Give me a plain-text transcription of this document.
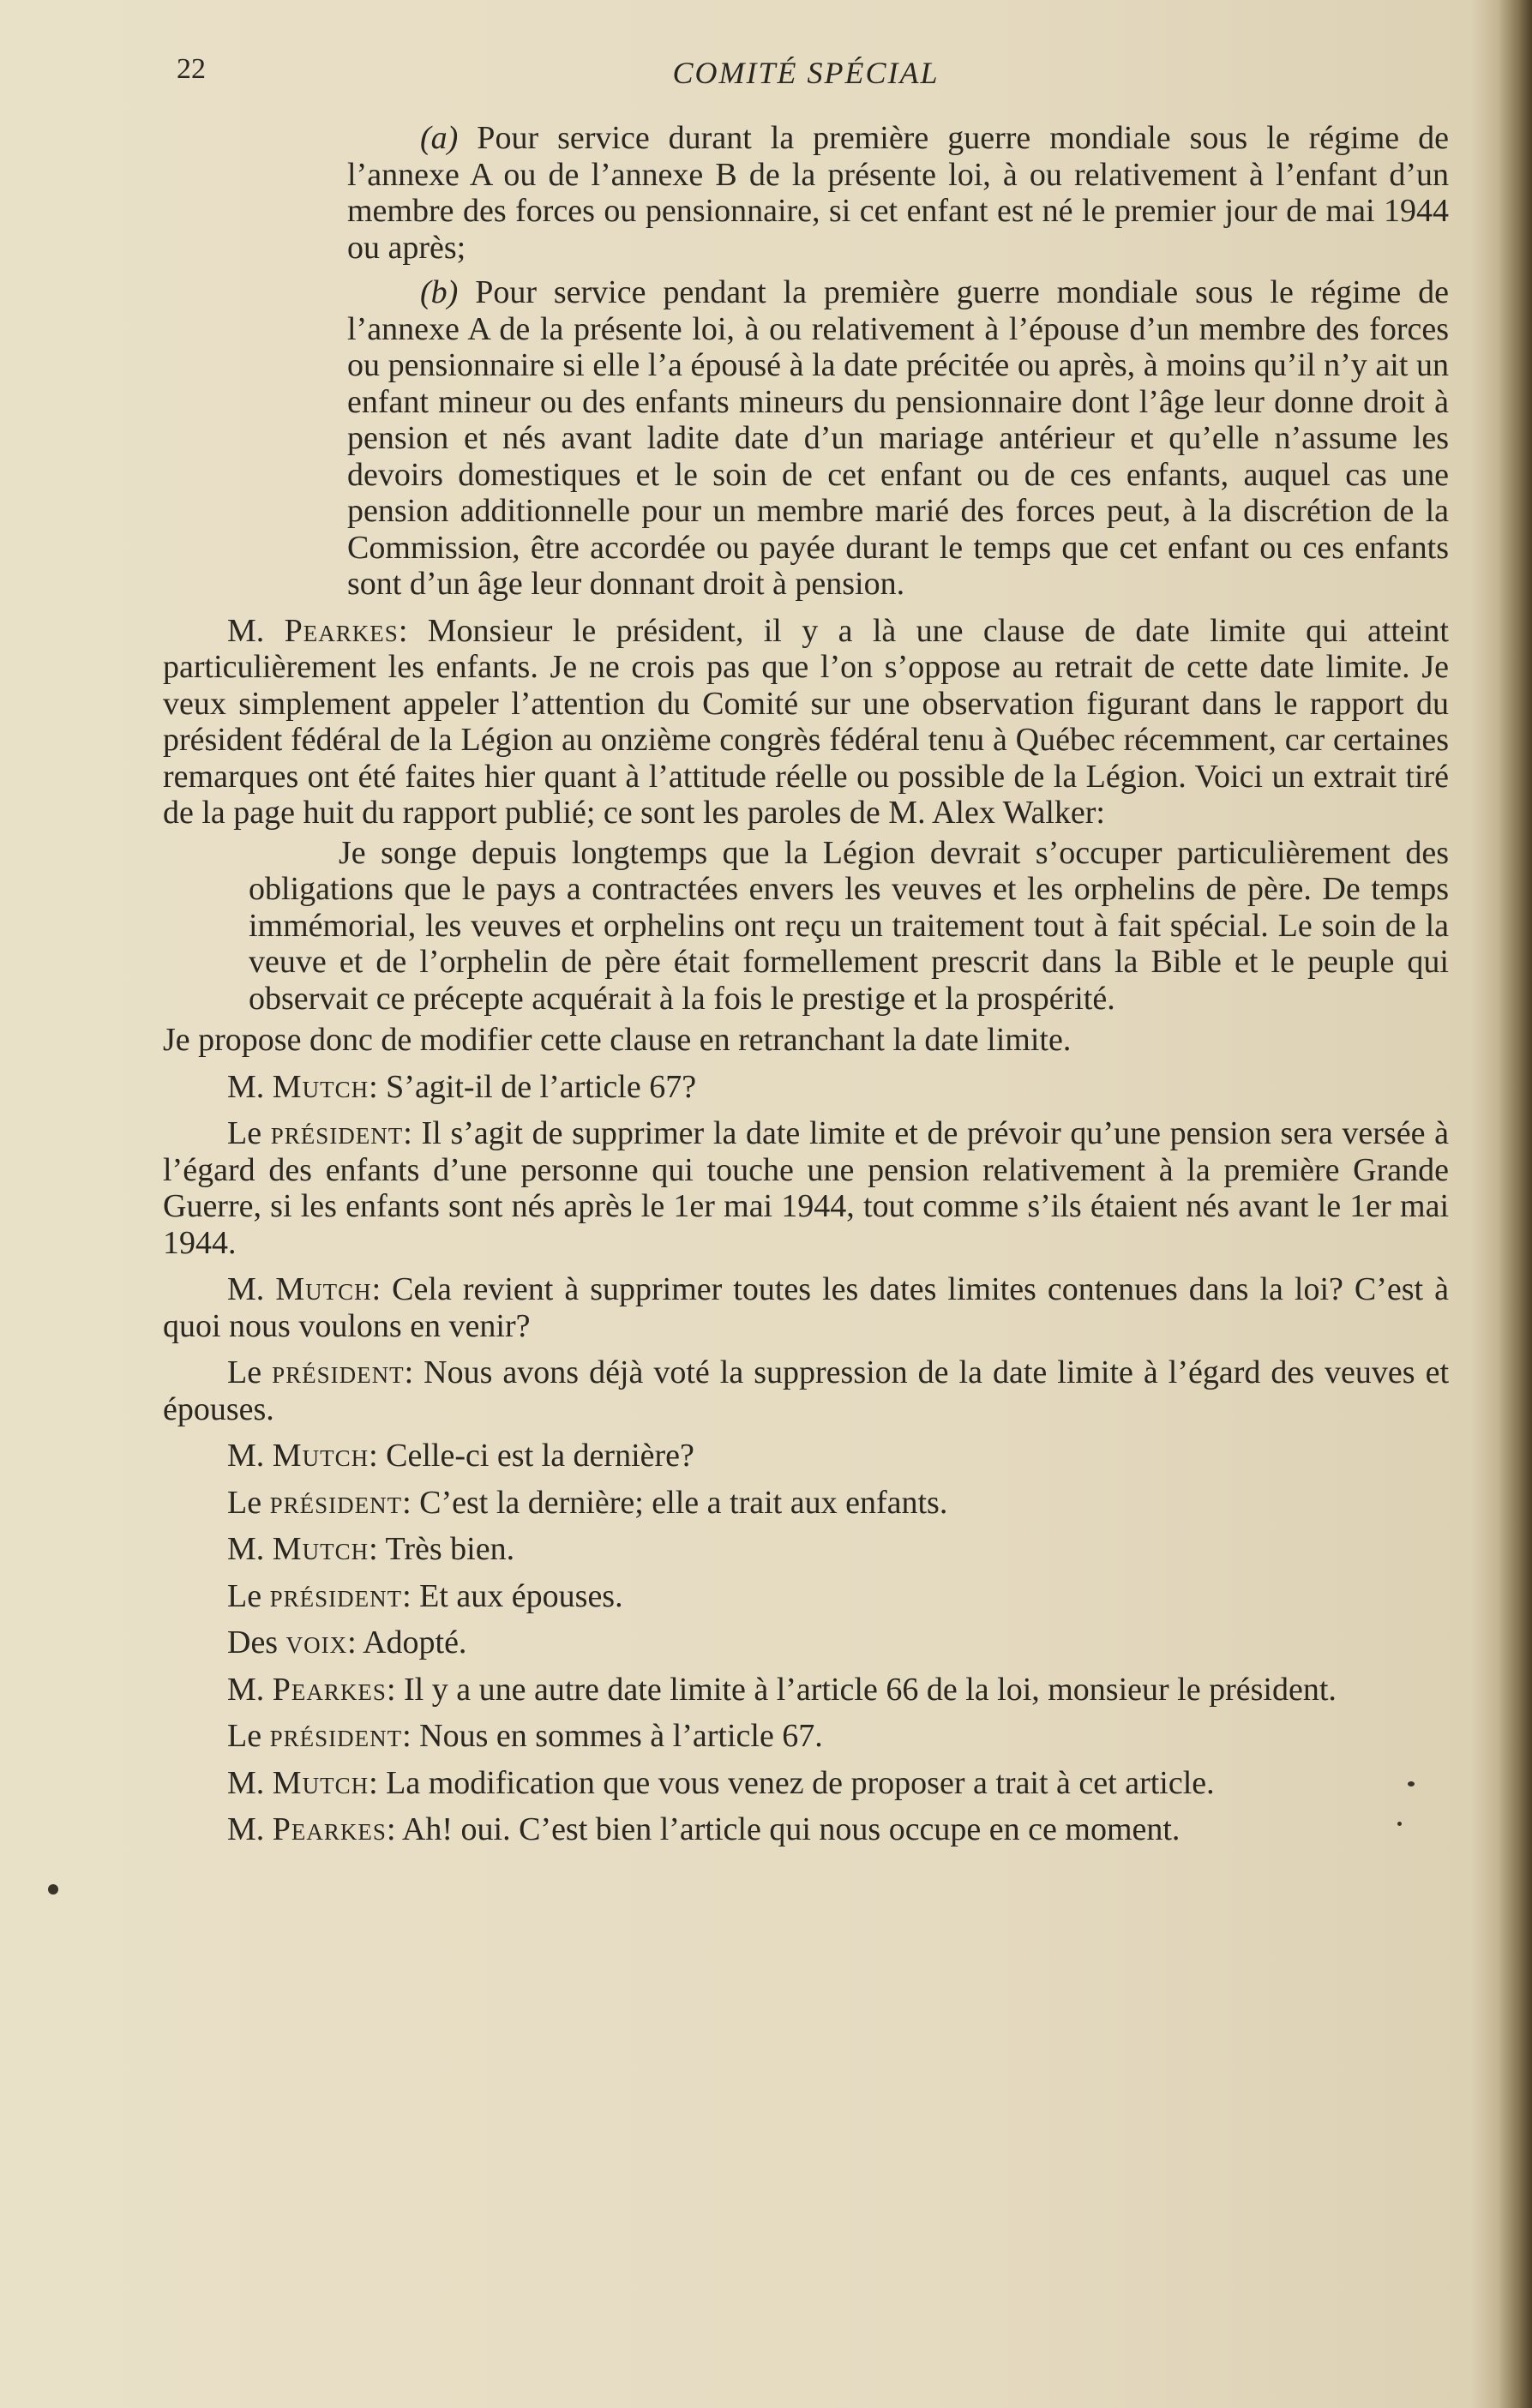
22	COMITÉ SPÉCIAL

(a) Pour service durant la première guerre mondiale sous le régime de l’annexe A ou de l’annexe B de la présente loi, à ou relativement à l’enfant d’un membre des forces ou pensionnaire, si cet enfant est né le premier jour de mai 1944 ou après;

(b) Pour service pendant la première guerre mondiale sous le régime de l’annexe A de la présente loi, à ou relativement à l’épouse d’un membre des forces ou pensionnaire si elle l’a épousé à la date précitée ou après, à moins qu’il n’y ait un enfant mineur ou des enfants mineurs du pensionnaire dont l’âge leur donne droit à pension et nés avant ladite date d’un mariage antérieur et qu’elle n’assume les devoirs domestiques et le soin de cet enfant ou de ces enfants, auquel cas une pension additionnelle pour un membre marié des forces peut, à la discrétion de la Commission, être accordée ou payée durant le temps que cet enfant ou ces enfants sont d’un âge leur donnant droit à pension.

M. Pearkes: Monsieur le président, il y a là une clause de date limite qui atteint particulièrement les enfants. Je ne crois pas que l’on s’oppose au retrait de cette date limite. Je veux simplement appeler l’attention du Comité sur une observation figurant dans le rapport du président fédéral de la Légion au onzième congrès fédéral tenu à Québec récemment, car certaines remarques ont été faites hier quant à l’attitude réelle ou possible de la Légion. Voici un extrait tiré de la page huit du rapport publié; ce sont les paroles de M. Alex Walker:

Je songe depuis longtemps que la Légion devrait s’occuper particulièrement des obligations que le pays a contractées envers les veuves et les orphelins de père. De temps immémorial, les veuves et orphelins ont reçu un traitement tout à fait spécial. Le soin de la veuve et de l’orphelin de père était formellement prescrit dans la Bible et le peuple qui observait ce précepte acquérait à la fois le prestige et la prospérité.

Je propose donc de modifier cette clause en retranchant la date limite.

M. Mutch: S’agit-il de l’article 67?

Le président: Il s’agit de supprimer la date limite et de prévoir qu’une pension sera versée à l’égard des enfants d’une personne qui touche une pension relativement à la première Grande Guerre, si les enfants sont nés après le 1er mai 1944, tout comme s’ils étaient nés avant le 1er mai 1944.

M. Mutch: Cela revient à supprimer toutes les dates limites contenues dans la loi? C’est à quoi nous voulons en venir?

Le président: Nous avons déjà voté la suppression de la date limite à l’égard des veuves et épouses.

M. Mutch: Celle-ci est la dernière?

Le président: C’est la dernière; elle a trait aux enfants.

M. Mutch: Très bien.

Le président: Et aux épouses.

Des voix: Adopté.

M. Pearkes: Il y a une autre date limite à l’article 66 de la loi, monsieur le président.

Le président: Nous en sommes à l’article 67.

M. Mutch: La modification que vous venez de proposer a trait à cet article.

M. Pearkes: Ah! oui. C’est bien l’article qui nous occupe en ce moment.
